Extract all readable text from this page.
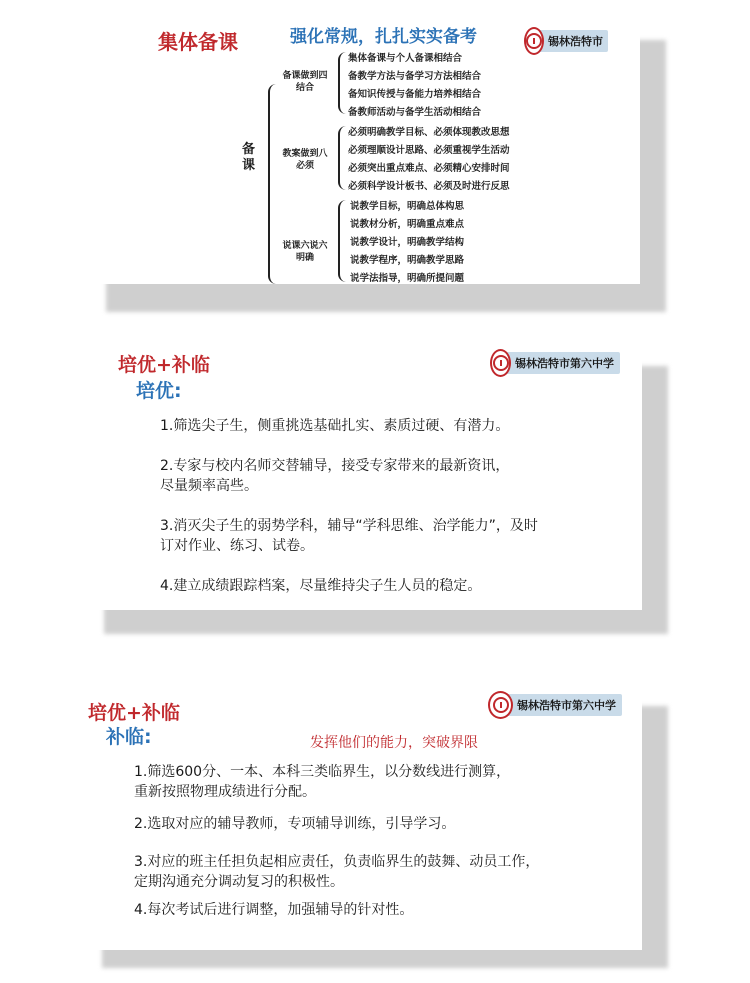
集体备课	强化常规，扎扎实实备考	锡林浩特市
备课
备课做到四结合
集体备课与个人备课相结合
备教学方法与备学习方法相结合
备知识传授与备能力培养相结合
备教师活动与备学生活动相结合
教案做到八必须
必须明确教学目标、必须体现教改思想
必须理顺设计思路、必须重视学生活动
必须突出重点难点、必须精心安排时间
必须科学设计板书、必须及时进行反思
说课六说六明确
说教学目标，明确总体构思
说教材分析，明确重点难点
说教学设计，明确教学结构
说教学程序，明确教学思路
说学法指导，明确所提问题
培优+补临
培优:
锡林浩特市第六中学
1.筛选尖子生，侧重挑选基础扎实、素质过硬、有潜力。
2.专家与校内名师交替辅导，接受专家带来的最新资讯，
尽量频率高些。
3.消灭尖子生的弱势学科，辅导“学科思维、治学能力”，及时
订对作业、练习、试卷。
4.建立成绩跟踪档案，尽量维持尖子生人员的稳定。
培优+补临
补临:	发挥他们的能力，突破界限
锡林浩特市第六中学
1.筛选600分、一本、本科三类临界生，以分数线进行测算，
重新按照物理成绩进行分配。
2.选取对应的辅导教师，专项辅导训练，引导学习。
3.对应的班主任担负起相应责任，负责临界生的鼓舞、动员工作，
定期沟通充分调动复习的积极性。
4.每次考试后进行调整，加强辅导的针对性。
